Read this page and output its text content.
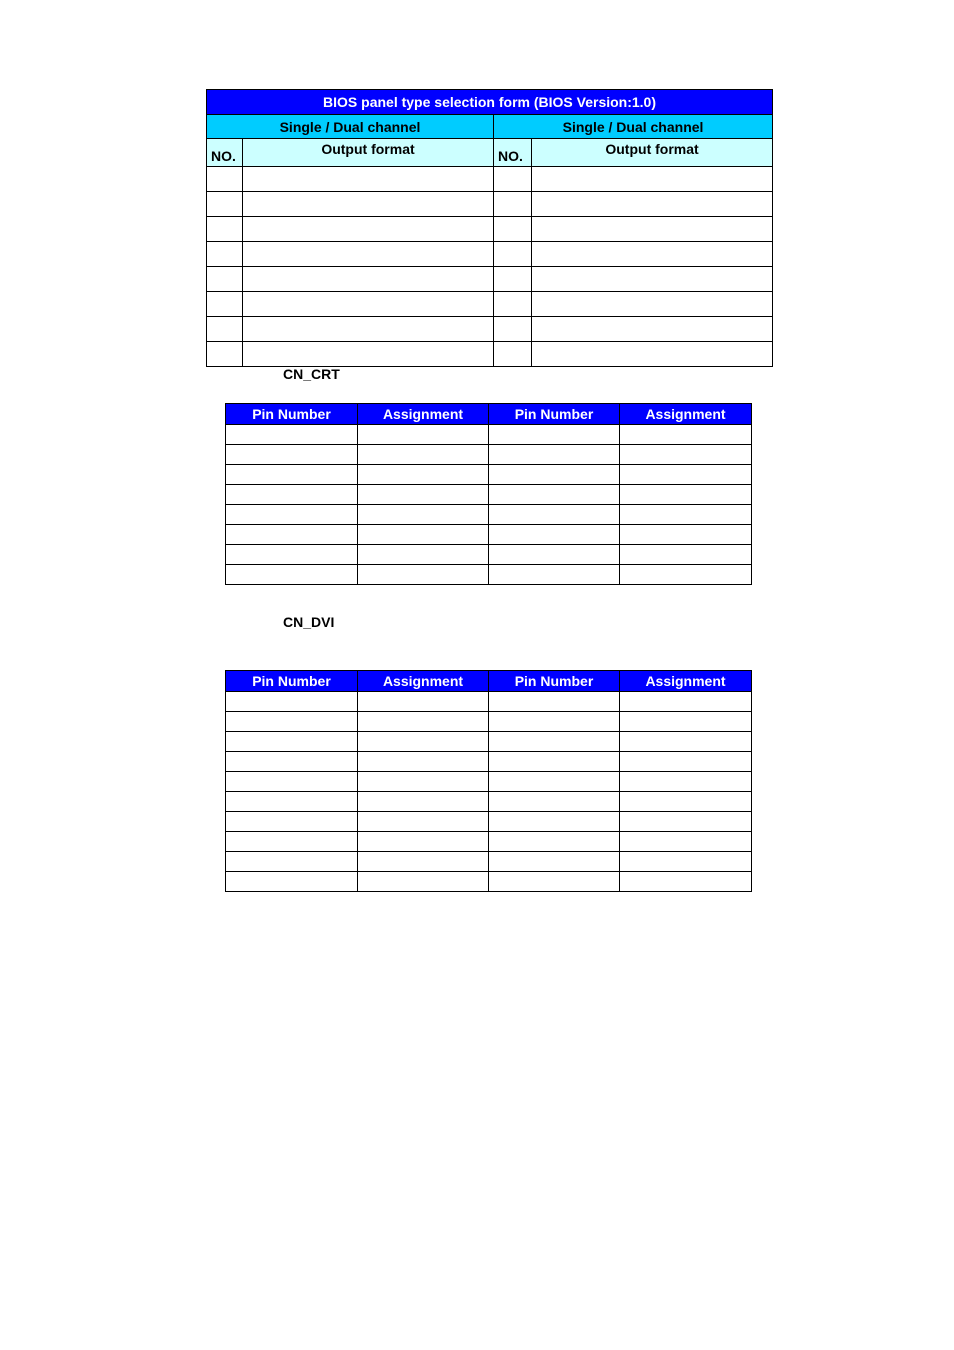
BIOS panel type selection form (BIOS Version:1.0)			
Single / Dual channel		Single / Dual channel	
NO.	Output format	NO.	Output format

CN_CRT
Pin Number	Assignment	Pin Number	Assignment

CN_DVI
Pin Number	Assignment	Pin Number	Assignment
